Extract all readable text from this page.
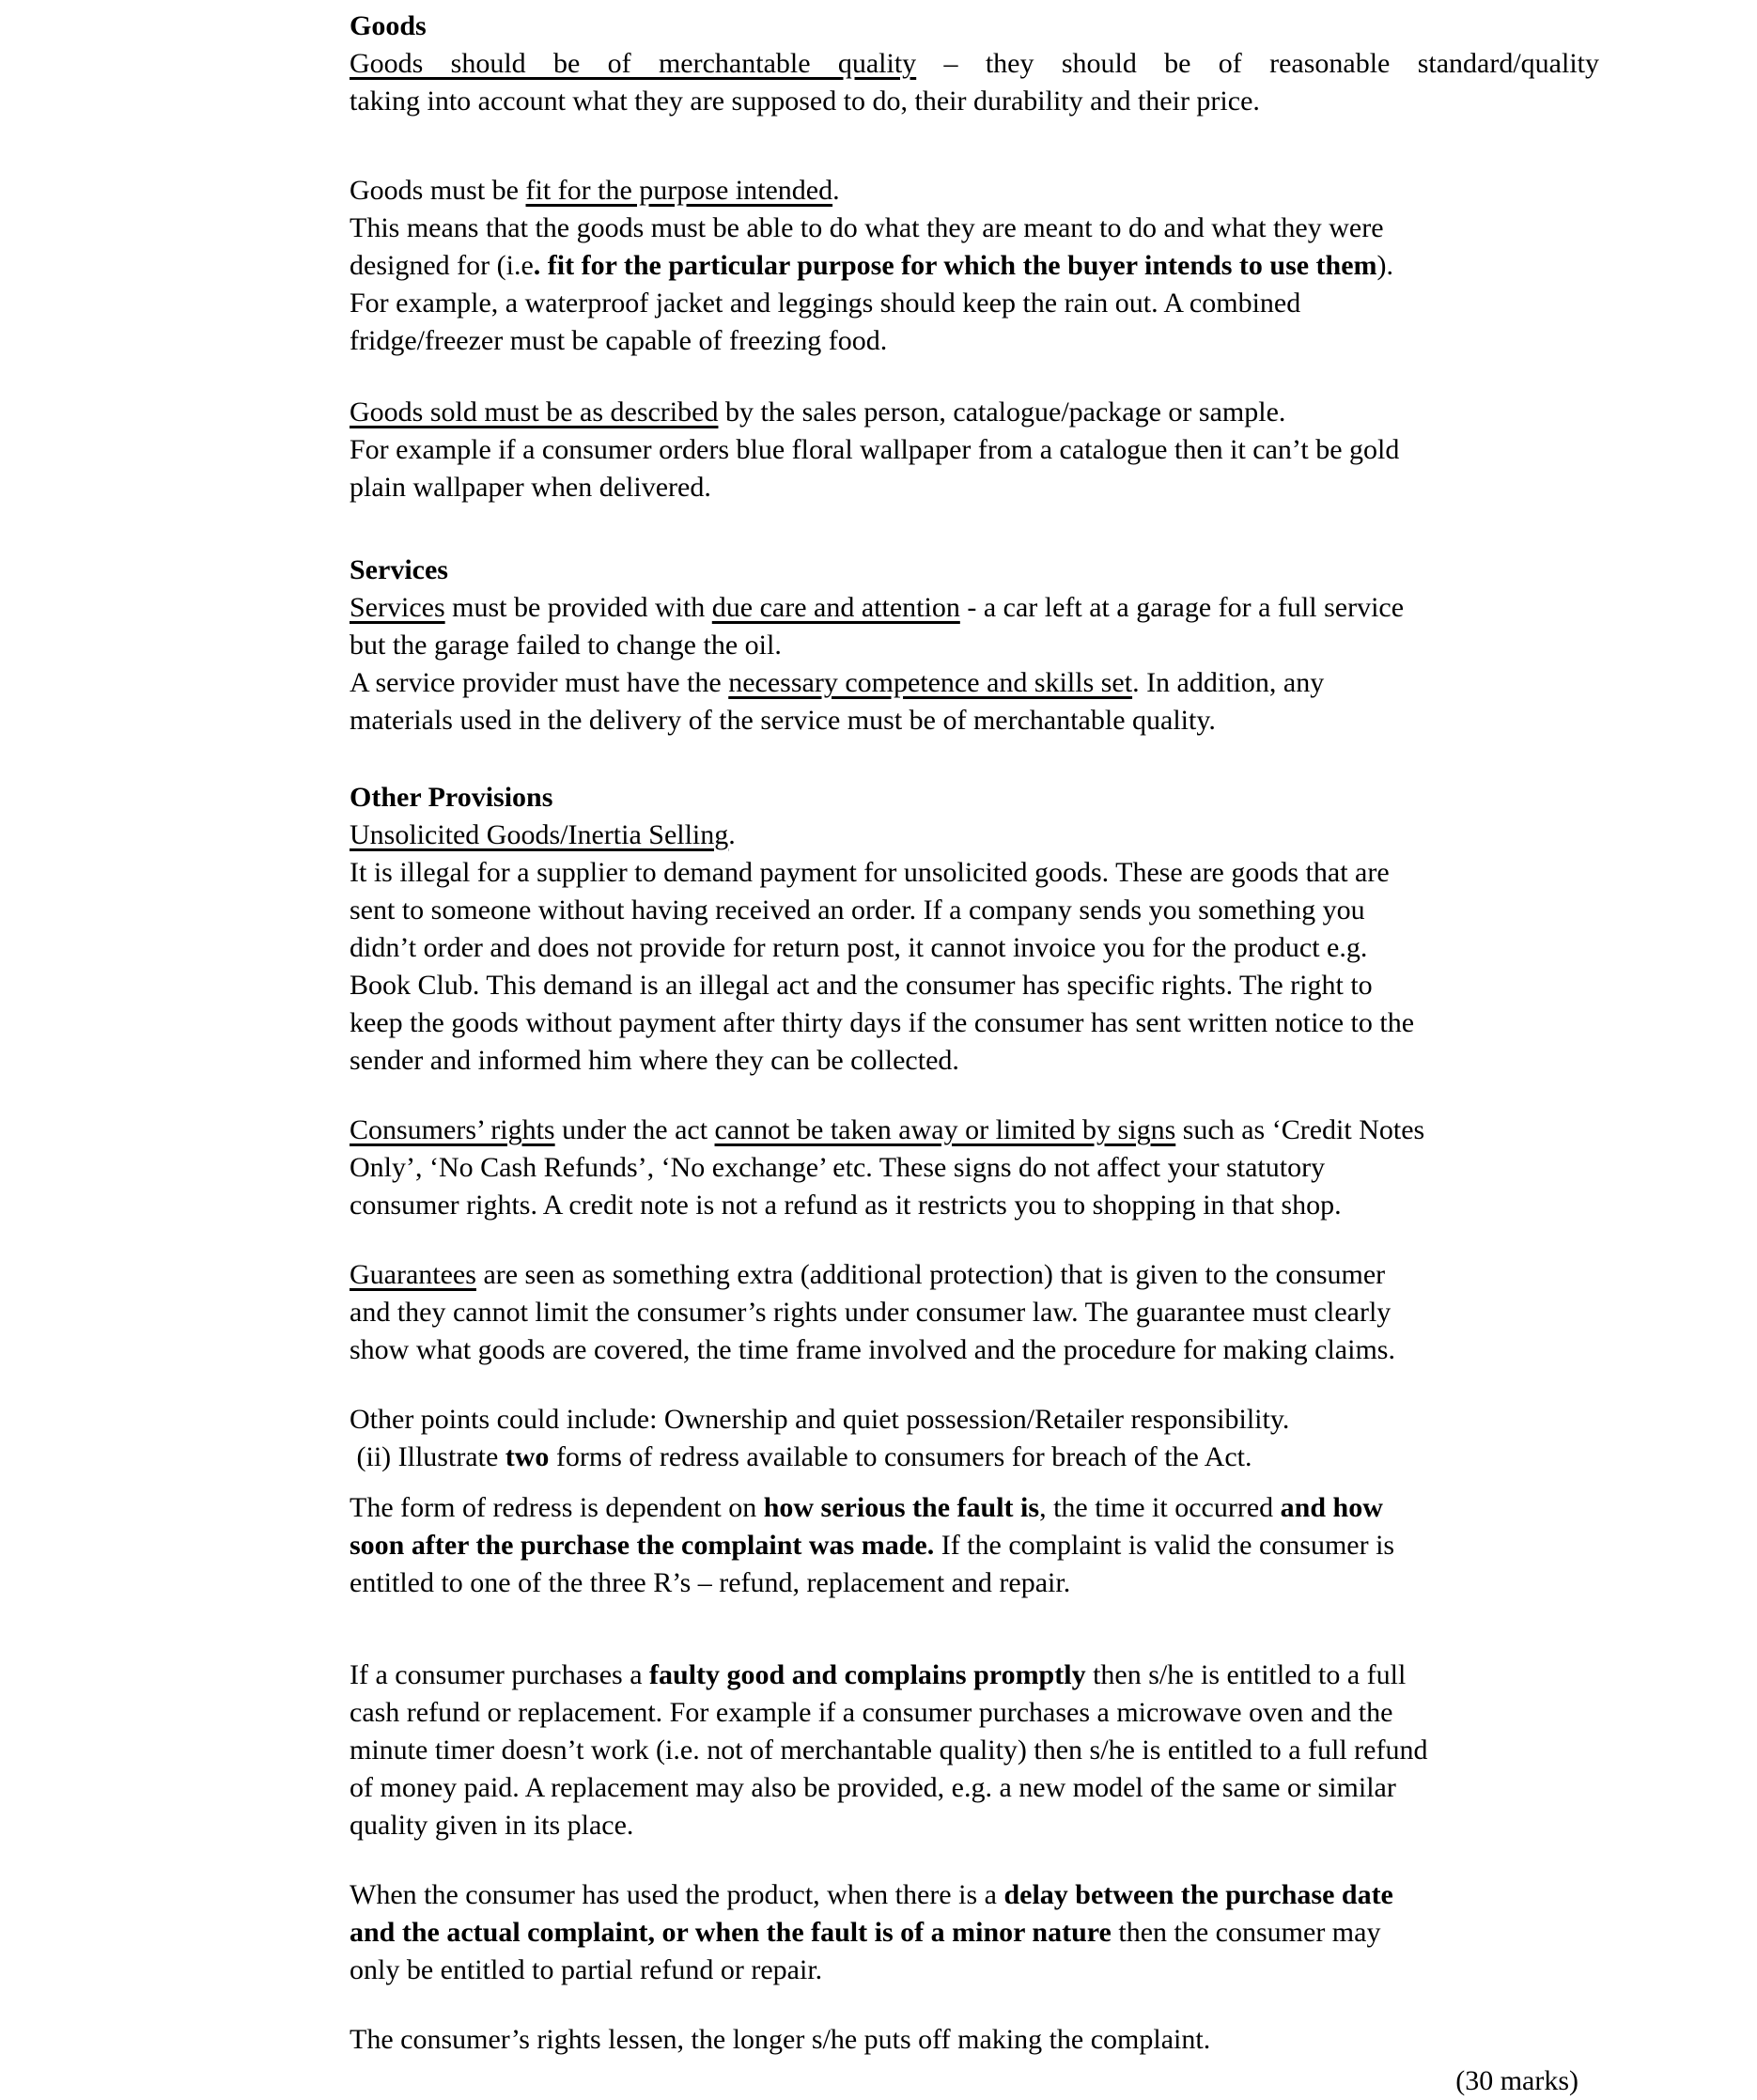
Goods
Goods should be of merchantable quality – they should be of reasonable standard/quality
taking into account what they are supposed to do, their durability and their price.
Goods must be fit for the purpose intended.
This means that the goods must be able to do what they are meant to do and what they were
designed for (i.e. fit for the particular purpose for which the buyer intends to use them).
For example, a waterproof jacket and leggings should keep the rain out. A combined
fridge/freezer must be capable of freezing food.
Goods sold must be as described by the sales person, catalogue/package or sample.
For example if a consumer orders blue floral wallpaper from a catalogue then it can’t be gold
plain wallpaper when delivered.
Services
Services must be provided with due care and attention - a car left at a garage for a full service
but the garage failed to change the oil.
A service provider must have the necessary competence and skills set. In addition, any
materials used in the delivery of the service must be of merchantable quality.
Other Provisions
Unsolicited Goods/Inertia Selling.
It is illegal for a supplier to demand payment for unsolicited goods. These are goods that are
sent to someone without having received an order. If a company sends you something you
didn’t order and does not provide for return post, it cannot invoice you for the product e.g.
Book Club. This demand is an illegal act and the consumer has specific rights. The right to
keep the goods without payment after thirty days if the consumer has sent written notice to the
sender and informed him where they can be collected.
Consumers’ rights under the act cannot be taken away or limited by signs such as ‘Credit Notes
Only’, ‘No Cash Refunds’, ‘No exchange’ etc. These signs do not affect your statutory
consumer rights. A credit note is not a refund as it restricts you to shopping in that shop.
Guarantees are seen as something extra (additional protection) that is given to the consumer
and they cannot limit the consumer’s rights under consumer law. The guarantee must clearly
show what goods are covered, the time frame involved and the procedure for making claims.
Other points could include: Ownership and quiet possession/Retailer responsibility.
(ii) Illustrate two forms of redress available to consumers for breach of the Act.
The form of redress is dependent on how serious the fault is, the time it occurred and how
soon after the purchase the complaint was made. If the complaint is valid the consumer is
entitled to one of the three R’s – refund, replacement and repair.
If a consumer purchases a faulty good and complains promptly then s/he is entitled to a full
cash refund or replacement. For example if a consumer purchases a microwave oven and the
minute timer doesn’t work (i.e. not of merchantable quality) then s/he is entitled to a full refund
of money paid. A replacement may also be provided, e.g. a new model of the same or similar
quality given in its place.
When the consumer has used the product, when there is a delay between the purchase date
and the actual complaint, or when the fault is of a minor nature then the consumer may
only be entitled to partial refund or repair.
The consumer’s rights lessen, the longer s/he puts off making the complaint.
(30 marks)
